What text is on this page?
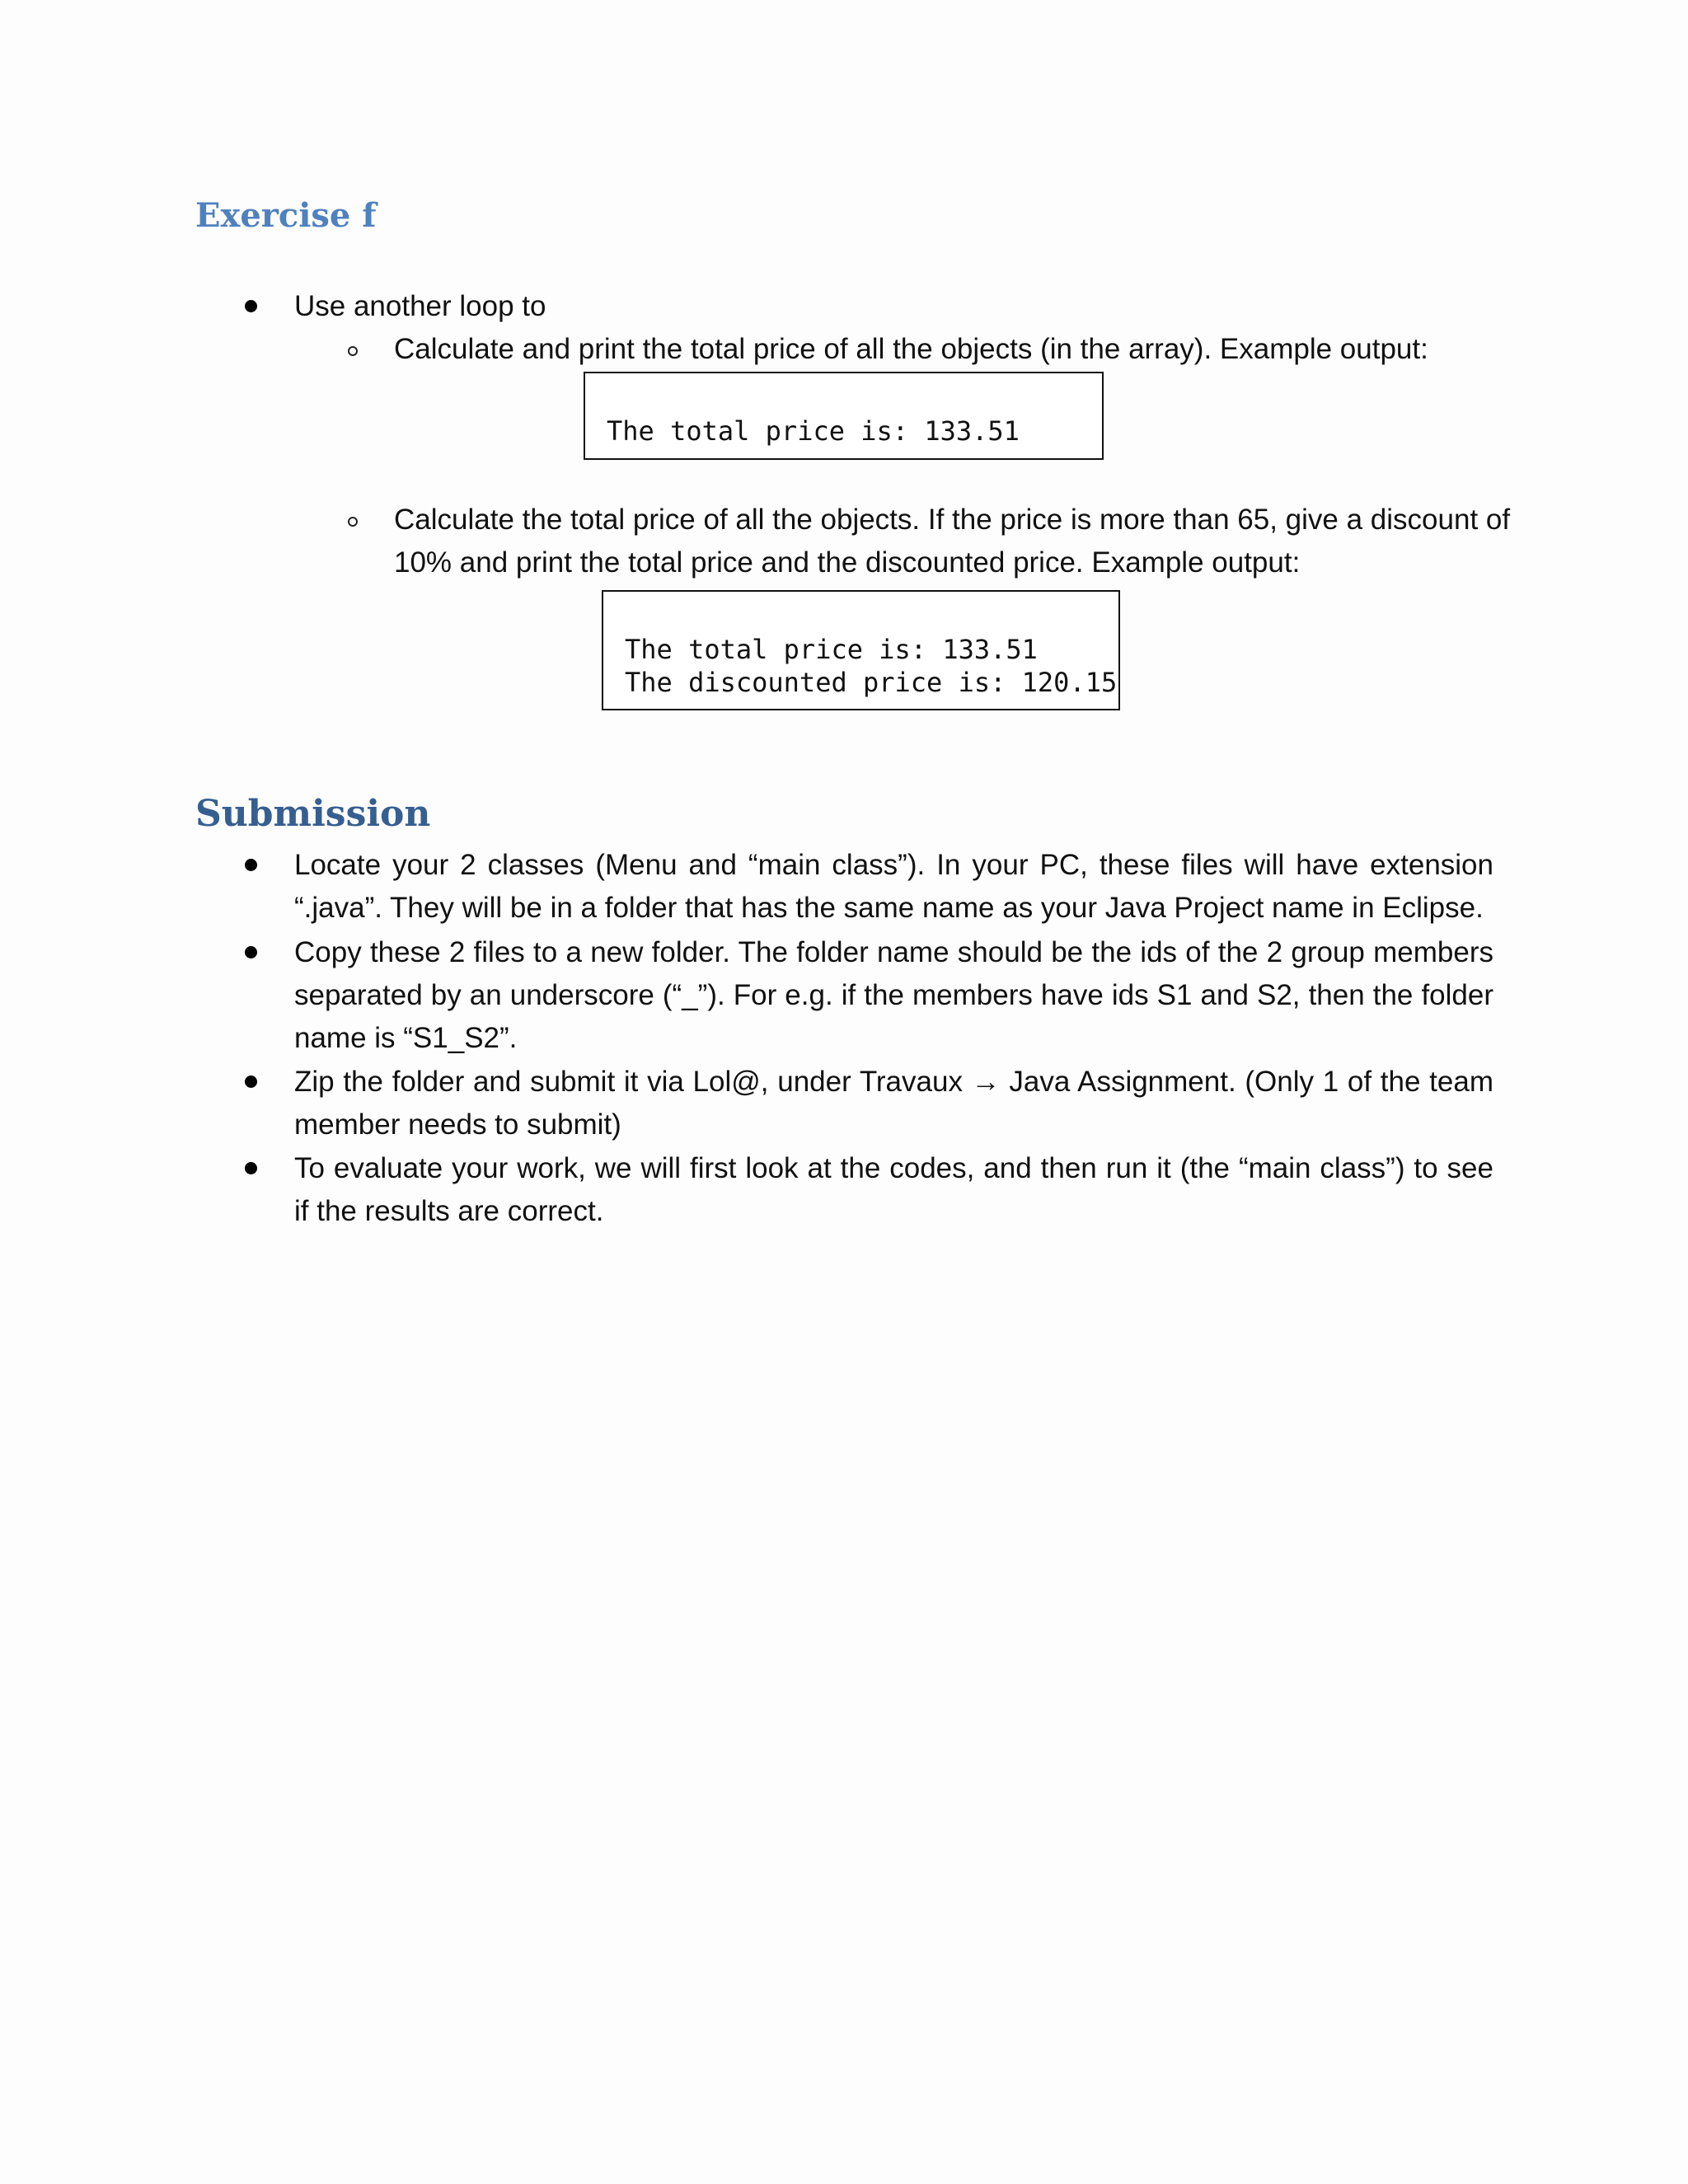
Exercise f
Use another loop to
Calculate and print the total price of all the objects (in the array). Example output:

The total price is: 133.51

Calculate the total price of all the objects. If the price is more than 65, give a discount of
10% and print the total price and the discounted price. Example output:

The total price is: 133.51
The discounted price is: 120.15

Submission
Locate your 2 classes (Menu and “main class”). In your PC, these files will have extension “.java”. They will be in a folder that has the same name as your Java Project name in Eclipse.
Copy these 2 files to a new folder. The folder name should be the ids of the 2 group members separated by an underscore (“_”). For e.g. if the members have ids S1 and S2, then the folder name is “S1_S2”.
Zip the folder and submit it via Lol@, under Travaux → Java Assignment. (Only 1 of the team member needs to submit)
To evaluate your work, we will first look at the codes, and then run it (the “main class”) to see if the results are correct.
